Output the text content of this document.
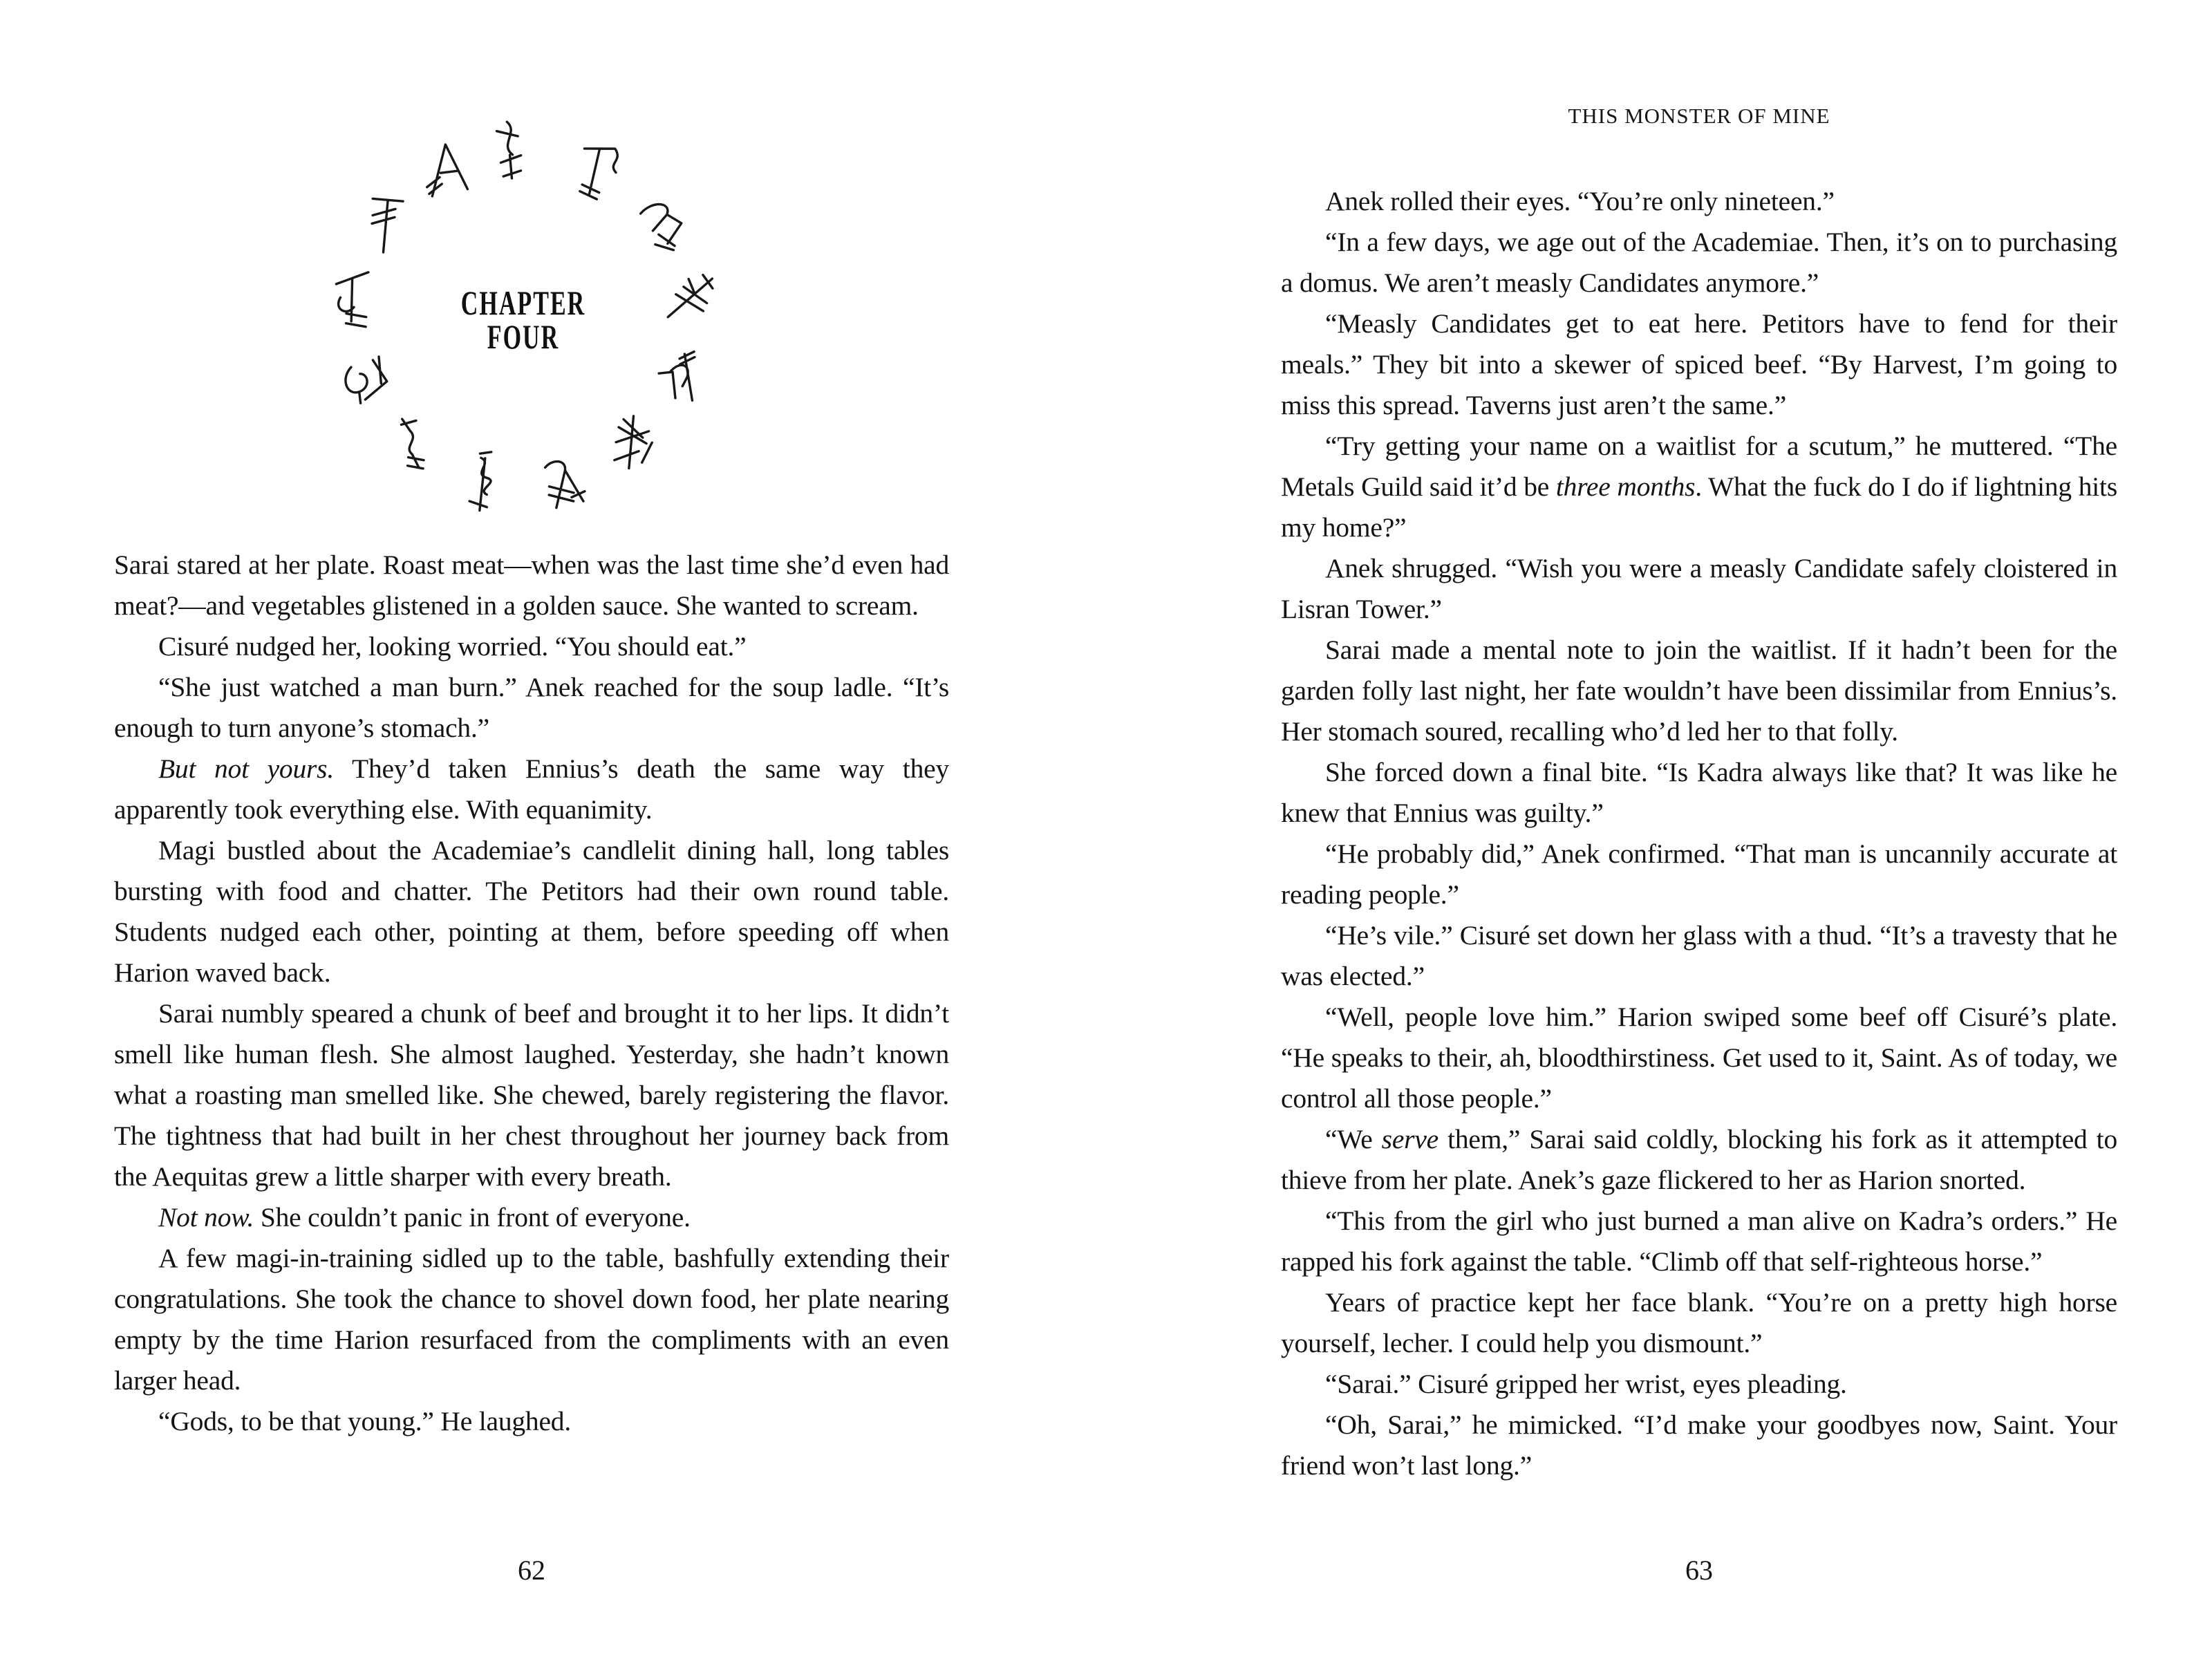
CHAPTER
FOUR

Sarai stared at her plate. Roast meat—when was the last time she’d even had meat?—and vegetables glistened in a golden sauce. She wanted to scream.

Cisuré nudged her, looking worried. “You should eat.”

“She just watched a man burn.” Anek reached for the soup ladle. “It’s enough to turn anyone’s stomach.”

But not yours. They’d taken Ennius’s death the same way they apparently took everything else. With equanimity.

Magi bustled about the Academiae’s candlelit dining hall, long tables bursting with food and chatter. The Petitors had their own round table. Students nudged each other, pointing at them, before speeding off when Harion waved back.

Sarai numbly speared a chunk of beef and brought it to her lips. It didn’t smell like human flesh. She almost laughed. Yesterday, she hadn’t known what a roasting man smelled like. She chewed, barely registering the flavor. The tightness that had built in her chest throughout her journey back from the Aequitas grew a little sharper with every breath.

Not now. She couldn’t panic in front of everyone.

A few magi-in-training sidled up to the table, bashfully extending their congratulations. She took the chance to shovel down food, her plate nearing empty by the time Harion resurfaced from the compliments with an even larger head.

“Gods, to be that young.” He laughed.

62
THIS MONSTER OF MINE

Anek rolled their eyes. “You’re only nineteen.”

“In a few days, we age out of the Academiae. Then, it’s on to purchasing a domus. We aren’t measly Candidates anymore.”

“Measly Candidates get to eat here. Petitors have to fend for their meals.” They bit into a skewer of spiced beef. “By Harvest, I’m going to miss this spread. Taverns just aren’t the same.”

“Try getting your name on a waitlist for a scutum,” he muttered. “The Metals Guild said it’d be three months. What the fuck do I do if lightning hits my home?”

Anek shrugged. “Wish you were a measly Candidate safely cloistered in Lisran Tower.”

Sarai made a mental note to join the waitlist. If it hadn’t been for the garden folly last night, her fate wouldn’t have been dissimilar from Ennius’s. Her stomach soured, recalling who’d led her to that folly.

She forced down a final bite. “Is Kadra always like that? It was like he knew that Ennius was guilty.”

“He probably did,” Anek confirmed. “That man is uncannily accurate at reading people.”

“He’s vile.” Cisuré set down her glass with a thud. “It’s a travesty that he was elected.”

“Well, people love him.” Harion swiped some beef off Cisuré’s plate. “He speaks to their, ah, bloodthirstiness. Get used to it, Saint. As of today, we control all those people.”

“We serve them,” Sarai said coldly, blocking his fork as it attempted to thieve from her plate. Anek’s gaze flickered to her as Harion snorted.

“This from the girl who just burned a man alive on Kadra’s orders.” He rapped his fork against the table. “Climb off that self-righteous horse.”

Years of practice kept her face blank. “You’re on a pretty high horse yourself, lecher. I could help you dismount.”

“Sarai.” Cisuré gripped her wrist, eyes pleading.

“Oh, Sarai,” he mimicked. “I’d make your goodbyes now, Saint. Your friend won’t last long.”

63
